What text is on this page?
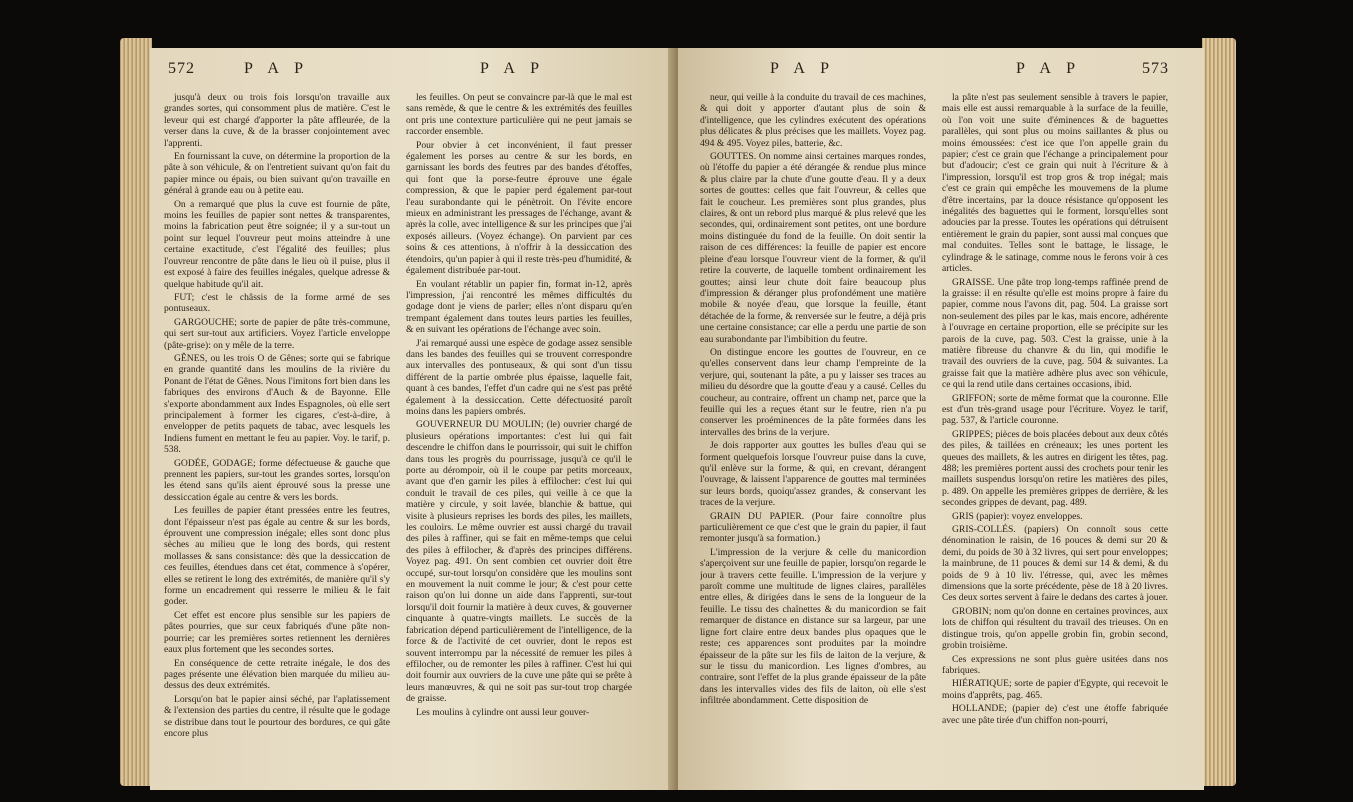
572	P A P	P A P

jusqu'à deux ou trois fois lorsqu'on travaille aux grandes sortes, qui consomment plus de matière. C'est le leveur qui est chargé d'apporter la pâte affleurée, de la verser dans la cuve, & de la brasser conjointement avec l'apprenti.

En fournissant la cuve, on détermine la proportion de la pâte à son véhicule, & on l'entretient suivant qu'on fait du papier mince ou épais, ou bien suivant qu'on travaille en général à grande eau ou à petite eau.

On a remarqué que plus la cuve est fournie de pâte, moins les feuilles de papier sont nettes & transparentes, moins la fabrication peut être soignée; il y a sur-tout un point sur lequel l'ouvreur peut moins atteindre à une certaine exactitude, c'est l'égalité des feuilles; plus l'ouvreur rencontre de pâte dans le lieu où il puise, plus il est exposé à faire des feuilles inégales, quelque adresse & quelque habitude qu'il ait.

FUT; c'est le châssis de la forme armé de ses pontuseaux.

GARGOUCHE; sorte de papier de pâte très-commune, qui sert sur-tout aux artificiers. Voyez l'article enveloppe (pâte-grise): on y mêle de la terre.

GÊNES, ou les trois O de Gênes; sorte qui se fabrique en grande quantité dans les moulins de la rivière du Ponant de l'état de Gênes. Nous l'imitons fort bien dans les fabriques des environs d'Auch & de Bayonne. Elle s'exporte abondamment aux Indes Espagnoles, où elle sert principalement à former les cigares, c'est-à-dire, à envelopper de petits paquets de tabac, avec lesquels les Indiens fument en mettant le feu au papier. Voy. le tarif, p. 538.

GODÉE, GODAGE; forme défectueuse & gauche que prennent les papiers, sur-tout les grandes sortes, lorsqu'on les étend sans qu'ils aient éprouvé sous la presse une dessiccation égale au centre & vers les bords.

Les feuilles de papier étant pressées entre les feutres, dont l'épaisseur n'est pas égale au centre & sur les bords, éprouvent une compression inégale; elles sont donc plus sèches au milieu que le long des bords, qui restent mollasses & sans consistance: dès que la dessiccation de ces feuilles, étendues dans cet état, commence à s'opérer, elles se retirent le long des extrémités, de manière qu'il s'y forme un encadrement qui resserre le milieu & le fait goder.

Cet effet est encore plus sensible sur les papiers de pâtes pourries, que sur ceux fabriqués d'une pâte non-pourrie; car les premières sortes retiennent les dernières eaux plus fortement que les secondes sortes.

En conséquence de cette retraite inégale, le dos des pages présente une élévation bien marquée du milieu au-dessus des deux extrémités.

Lorsqu'on bat le papier ainsi séché, par l'aplatissement & l'extension des parties du centre, il résulte que le godage se distribue dans tout le pourtour des bordures, ce qui gâte encore plus

les feuilles. On peut se convaincre par-là que le mal est sans remède, & que le centre & les extrémités des feuilles ont pris une contexture particulière qui ne peut jamais se raccorder ensemble.

Pour obvier à cet inconvénient, il faut presser également les porses au centre & sur les bords, en garnissant les bords des feutres par des bandes d'étoffes, qui font que la porse-feutre éprouve une égale compression, & que le papier perd également par-tout l'eau surabondante qui le pénètroit. On l'évite encore mieux en administrant les pressages de l'échange, avant & après la colle, avec intelligence & sur les principes que j'ai exposés ailleurs. (Voyez échange). On parvient par ces soins & ces attentions, à n'offrir à la dessiccation des étendoirs, qu'un papier à qui il reste très-peu d'humidité, & également distribuée par-tout.

En voulant rétablir un papier fin, format in-12, après l'impression, j'ai rencontré les mêmes difficultés du godage dont je viens de parler; elles n'ont disparu qu'en trempant également dans toutes leurs parties les feuilles, & en suivant les opérations de l'échange avec soin.

J'ai remarqué aussi une espèce de godage assez sensible dans les bandes des feuilles qui se trouvent correspondre aux intervalles des pontuseaux, & qui sont d'un tissu différent de la partie ombrée plus épaisse, laquelle fait, quant à ces bandes, l'effet d'un cadre qui ne s'est pas prêté également à la dessiccation. Cette défectuosité paroît moins dans les papiers ombrés.

GOUVERNEUR DU MOULIN; (le) ouvrier chargé de plusieurs opérations importantes: c'est lui qui fait descendre le chiffon dans le pourrissoir, qui suit le chiffon dans tous les progrès du pourrissage, jusqu'à ce qu'il le porte au dérompoir, où il le coupe par petits morceaux, avant que d'en garnir les piles à effilocher: c'est lui qui conduit le travail de ces piles, qui veille à ce que la matière y circule, y soit lavée, blanchie & battue, qui visite à plusieurs reprises les bords des piles, les maillets, les couloirs. Le même ouvrier est aussi chargé du travail des piles à raffiner, qui se fait en même-temps que celui des piles à effilocher, & d'après des principes différens. Voyez pag. 491. On sent combien cet ouvrier doit être occupé, sur-tout lorsqu'on considère que les moulins sont en mouvement la nuit comme le jour; & c'est pour cette raison qu'on lui donne un aide dans l'apprenti, sur-tout lorsqu'il doit fournir la matière à deux cuves, & gouverner cinquante à quatre-vingts maillets. Le succès de la fabrication dépend particulièrement de l'intelligence, de la force & de l'activité de cet ouvrier, dont le repos est souvent interrompu par la nécessité de remuer les piles à effilocher, ou de remonter les piles à raffiner. C'est lui qui doit fournir aux ouvriers de la cuve une pâte qui se prête à leurs manœuvres, & qui ne soit pas sur-tout trop chargée de graisse.

Les moulins à cylindre ont aussi leur gouver-

P A P	P A P	573

neur, qui veille à la conduite du travail de ces machines, & qui doit y apporter d'autant plus de soin & d'intelligence, que les cylindres exécutent des opérations plus délicates & plus précises que les maillets. Voyez pag. 494 & 495. Voyez piles, batterie, &c.

GOUTTES. On nomme ainsi certaines marques rondes, où l'étoffe du papier a été dérangée & rendue plus mince & plus claire par la chute d'une goutte d'eau. Il y a deux sortes de gouttes: celles que fait l'ouvreur, & celles que fait le coucheur. Les premières sont plus grandes, plus claires, & ont un rebord plus marqué & plus relevé que les secondes, qui, ordinairement sont petites, ont une bordure moins distinguée du fond de la feuille. On doit sentir la raison de ces différences: la feuille de papier est encore pleine d'eau lorsque l'ouvreur vient de la former, & qu'il retire la couverte, de laquelle tombent ordinairement les gouttes; ainsi leur chute doit faire beaucoup plus d'impression & déranger plus profondément une matière mobile & noyée d'eau, que lorsque la feuille, étant détachée de la forme, & renversée sur le feutre, a déjà pris une certaine consistance; car elle a perdu une partie de son eau surabondante par l'imbibition du feutre.

On distingue encore les gouttes de l'ouvreur, en ce qu'elles conservent dans leur champ l'empreinte de la verjure, qui, soutenant la pâte, a pu y laisser ses traces au milieu du désordre que la goutte d'eau y a causé. Celles du coucheur, au contraire, offrent un champ net, parce que la feuille qui les a reçues étant sur le feutre, rien n'a pu conserver les proéminences de la pâte formées dans les intervalles des brins de la verjure.

Je dois rapporter aux gouttes les bulles d'eau qui se forment quelquefois lorsque l'ouvreur puise dans la cuve, qu'il enlève sur la forme, & qui, en crevant, dérangent l'ouvrage, & laissent l'apparence de gouttes mal terminées sur leurs bords, quoiqu'assez grandes, & conservant les traces de la verjure.

GRAIN DU PAPIER. (Pour faire connoître plus particulièrement ce que c'est que le grain du papier, il faut remonter jusqu'à sa formation.)

L'impression de la verjure & celle du manicordion s'aperçoivent sur une feuille de papier, lorsqu'on regarde le jour à travers cette feuille. L'impression de la verjure y paroît comme une multitude de lignes claires, parallèles entre elles, & dirigées dans le sens de la longueur de la feuille. Le tissu des chaînettes & du manicordion se fait remarquer de distance en distance sur sa largeur, par une ligne fort claire entre deux bandes plus opaques que le reste; ces apparences sont produites par la moindre épaisseur de la pâte sur les fils de laiton de la verjure, & sur le tissu du manicordion. Les lignes d'ombres, au contraire, sont l'effet de la plus grande épaisseur de la pâte dans les intervalles vides des fils de laiton, où elle s'est infiltrée abondamment. Cette disposition de

la pâte n'est pas seulement sensible à travers le papier, mais elle est aussi remarquable à la surface de la feuille, où l'on voit une suite d'éminences & de baguettes parallèles, qui sont plus ou moins saillantes & plus ou moins émoussées: c'est ice que l'on appelle grain du papier; c'est ce grain que l'échange a principalement pour but d'adoucir; c'est ce grain qui nuit à l'écriture & à l'impression, lorsqu'il est trop gros & trop inégal; mais c'est ce grain qui empêche les mouvemens de la plume d'être incertains, par la douce résistance qu'opposent les inégalités des baguettes qui le forment, lorsqu'elles sont adoucies par la presse. Toutes les opérations qui détruisent entièrement le grain du papier, sont aussi mal conçues que mal conduites. Telles sont le battage, le lissage, le cylindrage & le satinage, comme nous le ferons voir à ces articles.

GRAISSE. Une pâte trop long-temps raffinée prend de la graisse: il en résulte qu'elle est moins propre à faire du papier, comme nous l'avons dit, pag. 504. La graisse sort non-seulement des piles par le kas, mais encore, adhérente à l'ouvrage en certaine proportion, elle se précipite sur les parois de la cuve, pag. 503. C'est la graisse, unie à la matière fibreuse du chanvre & du lin, qui modifie le travail des ouvriers de la cuve, pag. 504 & suivantes. La graisse fait que la matière adhère plus avec son véhicule, ce qui la rend utile dans certaines occasions, ibid.

GRIFFON; sorte de même format que la couronne. Elle est d'un très-grand usage pour l'écriture. Voyez le tarif, pag. 537, & l'article couronne.

GRIPPES; pièces de bois placées debout aux deux côtés des piles, & taillées en créneaux; les unes portent les queues des maillets, & les autres en dirigent les têtes, pag. 488; les premières portent aussi des crochets pour tenir les maillets suspendus lorsqu'on retire les matières des piles, p. 489. On appelle les premières grippes de derrière, & les secondes grippes de devant, pag. 489.

GRIS (papier): voyez enveloppes.

GRIS-COLLÉS. (papiers) On connoît sous cette dénomination le raisin, de 16 pouces & demi sur 20 & demi, du poids de 30 à 32 livres, qui sert pour enveloppes; la mainbrune, de 11 pouces & demi sur 14 & demi, & du poids de 9 à 10 liv. l'étresse, qui, avec les mêmes dimensions que la sorte précédente, pèse de 18 à 20 livres. Ces deux sortes servent à faire le dedans des cartes à jouer.

GROBIN; nom qu'on donne en certaines provinces, aux lots de chiffon qui résultent du travail des trieuses. On en distingue trois, qu'on appelle grobin fin, grobin second, grobin troisième.

Ces expressions ne sont plus guère usitées dans nos fabriques.

HIÉRATIQUE; sorte de papier d'Egypte, qui recevoit le moins d'apprêts, pag. 465.

HOLLANDE; (papier de) c'est une étoffe fabriquée avec une pâte tirée d'un chiffon non-pourri,
